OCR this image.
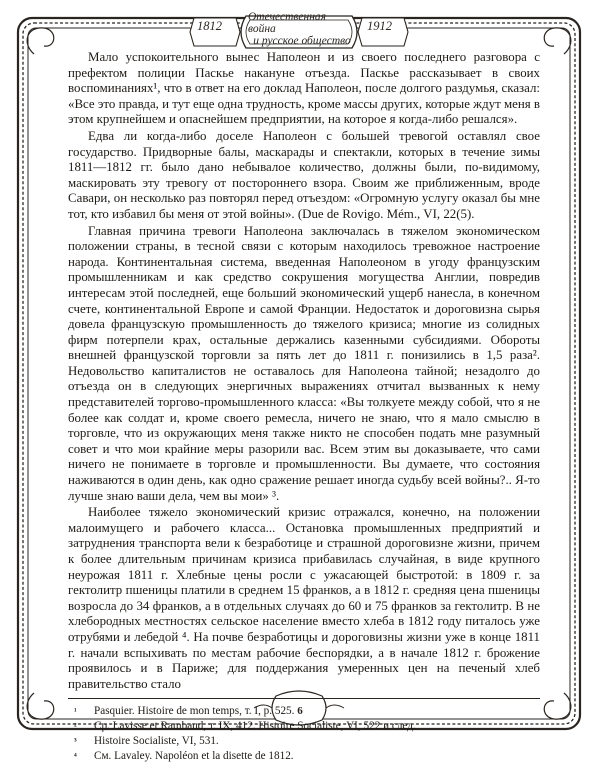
1812
Отечественная война
и русское общество
1912

Мало успокоительного вынес Наполеон и из своего последнего разговора с префектом полиции Паскье накануне отъезда. Паскье рассказывает в своих воспоминаниях¹, что в ответ на его доклад Наполеон, после долгого раздумья, сказал: «Все это правда, и тут еще одна трудность, кроме массы других, которые ждут меня в этом крупнейшем и опаснейшем предприятии, на которое я когда-либо решался».

Едва ли когда-либо доселе Наполеон с большей тревогой оставлял свое государство. Придворные балы, маскарады и спектакли, которых в течение зимы 1811—1812 гг. было дано небывалое количество, должны были, по-видимому, маскировать эту тревогу от постороннего взора. Своим же приближенным, вроде Савари, он несколько раз повторял перед отъездом: «Огромную услугу оказал бы мне тот, кто избавил бы меня от этой войны». (Due de Rovigo. Mém., VI, 22(5).

Главная причина тревоги Наполеона заключалась в тяжелом экономическом положении страны, в тесной связи с которым находилось тревожное настроение народа. Континентальная система, введенная Наполеоном в угоду французским промышленникам и как средство сокрушения могущества Англии, повредив интересам этой последней, еще больший экономический ущерб нанесла, в конечном счете, континентальной Европе и самой Франции. Недостаток и дороговизна сырья довела французскую промышленность до тяжелого кризиса; многие из солидных фирм потерпели крах, остальные держались казенными субсидиями. Обороты внешней французской торговли за пять лет до 1811 г. понизились в 1,5 раза². Недовольство капиталистов не оставалось для Наполеона тайной; незадолго до отъезда он в следующих энергичных выражениях отчитал вызванных к нему представителей торгово-промышленного класса: «Вы толкуете между собой, что я не более как солдат и, кроме своего ремесла, ничего не знаю, что я мало смыслю в торговле, что из окружающих меня также никто не способен подать мне разумный совет и что мои крайние меры разорили вас. Всем этим вы доказываете, что сами ничего не понимаете в торговле и промышленности. Вы думаете, что состояния наживаются в один день, как одно сражение решает иногда судьбу всей войны?.. Я-то лучше знаю ваши дела, чем вы мои» ³.

Наиболее тяжело экономический кризис отражался, конечно, на положении малоимущего и рабочего класса... Остановка промышленных предприятий и затруднения транспорта вели к безработице и страшной дороговизне жизни, причем к более длительным причинам кризиса прибавилась случайная, в виде крупного неурожая 1811 г. Хлебные цены росли с ужасающей быстротой: в 1809 г. за гектолитр пшеницы платили в среднем 15 франков, а в 1812 г. средняя цена пшеницы возросла до 34 франков, а в отдельных случаях до 60 и 75 франков за гектолитр. В не хлебородных местностях сельское население вместо хлеба в 1812 году питалось уже отрубями и лебедой ⁴. На почве безработицы и дороговизны жизни уже в конце 1811 г. начали вспыхивать по местам рабочие беспорядки, а в начале 1812 г. брожение проявилось и в Париже; для поддержания умеренных цен на печеный хлеб правительство стало

¹	Pasquier. Histoire de mon temps, т. I, p. 525.
²	Ср. Lavisse et Rambaud, т. IX, 412. Histoire Socialiste, VI, 522 и след.
³	Histoire Socialiste, VI, 531.
⁴	См. Lavaley. Napoléon et la disette de 1812.
6
